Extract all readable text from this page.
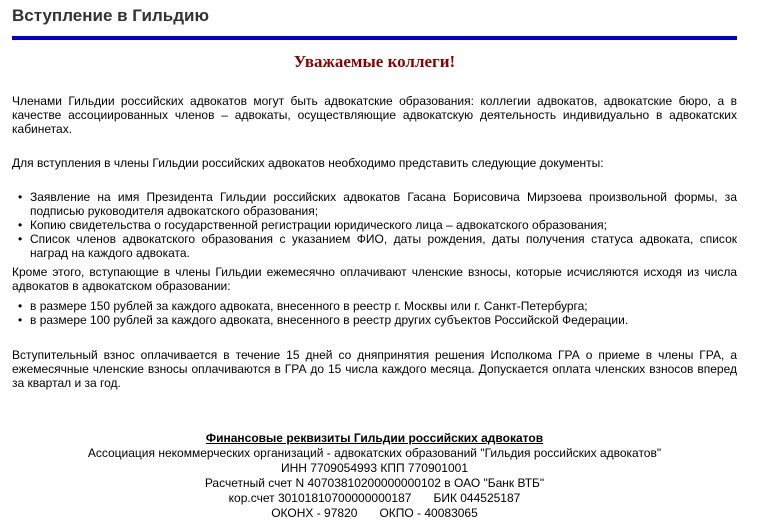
Вступление в Гильдию

Уважаемые коллеги!

Членами Гильдии российских адвокатов могут быть адвокатские образования: коллегии адвокатов, адвокатские бюро, а в качестве ассоциированных членов – адвокаты, осуществляющие адвокатскую деятельность индивидуально в адвокатских кабинетах.

Для вступления в члены Гильдии российских адвокатов необходимо представить следующие документы:

• Заявление на имя Президента Гильдии российских адвокатов Гасана Борисовича Мирзоева произвольной формы, за подписью руководителя адвокатского образования;
• Копию свидетельства о государственной регистрации юридического лица – адвокатского образования;
• Список членов адвокатского образования с указанием ФИО, даты рождения, даты получения статуса адвоката, список наград на каждого адвоката.

Кроме этого, вступающие в члены Гильдии ежемесячно оплачивают членские взносы, которые исчисляются исходя из числа адвокатов в адвокатском образовании:

• в размере 150 рублей за каждого адвоката, внесенного в реестр г. Москвы или г. Санкт-Петербурга;
• в размере 100 рублей за каждого адвоката, внесенного в реестр других субъектов Российской Федерации.

Вступительный взнос оплачивается в течение 15 дней со дняпринятия решения Исполкома ГРА о приеме в члены ГРА, а ежемесячные членские взносы оплачиваются в ГРА до 15 числа каждого месяца. Допускается оплата членских взносов вперед за квартал и за год.

Финансовые реквизиты Гильдии российских адвокатов
Ассоциация некоммерческих организаций - адвокатских образований "Гильдия российских адвокатов"
ИНН 7709054993 КПП 770901001
Расчетный счет N 40703810200000000102 в ОАО "Банк ВТБ"
кор.счет 30101810700000000187 БИК 044525187
ОКОНХ - 97820 ОКПО - 40083065
